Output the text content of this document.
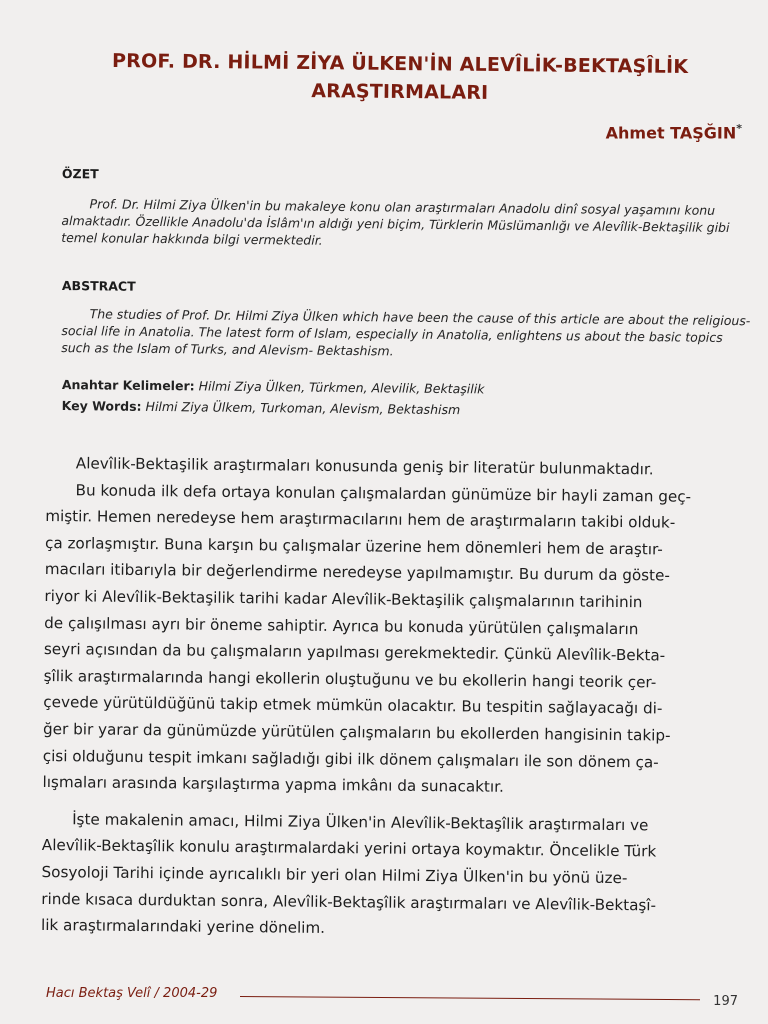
PROF. DR. HİLMİ ZİYA ÜLKEN'İN ALEVÎLİK-BEKTAŞÎLİK
ARAŞTIRMALARI
Ahmet TAŞĞIN*
ÖZET

Prof. Dr. Hilmi Ziya Ülken'in bu makaleye konu olan araştırmaları Anadolu dinî sosyal yaşamını konu almaktadır. Özellikle Anadolu'da İslâm'ın aldığı yeni biçim, Türklerin Müslümanlığı ve Alevîlik-Bektaşilik gibi temel konular hakkında bilgi vermektedir.

ABSTRACT

The studies of Prof. Dr. Hilmi Ziya Ülken which have been the cause of this article are about the religious- social life in Anatolia. The latest form of Islam, especially in Anatolia, enlightens us about the basic topics such as the Islam of Turks, and Alevism- Bektashism.

Anahtar Kelimeler: Hilmi Ziya Ülken, Türkmen, Alevilik, Bektaşilik
Key Words: Hilmi Ziya Ülkem, Turkoman, Alevism, Bektashism

Alevîlik-Bektaşilik araştırmaları konusunda geniş bir literatür bulunmaktadır.
Bu konuda ilk defa ortaya konulan çalışmalardan günümüze bir hayli zaman geç-
miştir. Hemen neredeyse hem araştırmacılarını hem de araştırmaların takibi olduk-
ça zorlaşmıştır. Buna karşın bu çalışmalar üzerine hem dönemleri hem de araştır-
macıları itibarıyla bir değerlendirme neredeyse yapılmamıştır. Bu durum da göste-
riyor ki Alevîlik-Bektaşilik tarihi kadar Alevîlik-Bektaşilik çalışmalarının tarihinin
de çalışılması ayrı bir öneme sahiptir. Ayrıca bu konuda yürütülen çalışmaların
seyri açısından da bu çalışmaların yapılması gerekmektedir. Çünkü Alevîlik-Bekta-
şîlik araştırmalarında hangi ekollerin oluştuğunu ve bu ekollerin hangi teorik çer-
çevede yürütüldüğünü takip etmek mümkün olacaktır. Bu tespitin sağlayacağı di-
ğer bir yarar da günümüzde yürütülen çalışmaların bu ekollerden hangisinin takip-
çisi olduğunu tespit imkanı sağladığı gibi ilk dönem çalışmaları ile son dönem ça-
lışmaları arasında karşılaştırma yapma imkânı da sunacaktır.

İşte makalenin amacı, Hilmi Ziya Ülken'in Alevîlik-Bektaşîlik araştırmaları ve
Alevîlik-Bektaşîlik konulu araştırmalardaki yerini ortaya koymaktır. Öncelikle Türk
Sosyoloji Tarihi içinde ayrıcalıklı bir yeri olan Hilmi Ziya Ülken'in bu yönü üze-
rinde kısaca durduktan sonra, Alevîlik-Bektaşîlik araştırmaları ve Alevîlik-Bektaşî-
lik araştırmalarındaki yerine dönelim.

Hacı Bektaş Velî / 2004-29
197
